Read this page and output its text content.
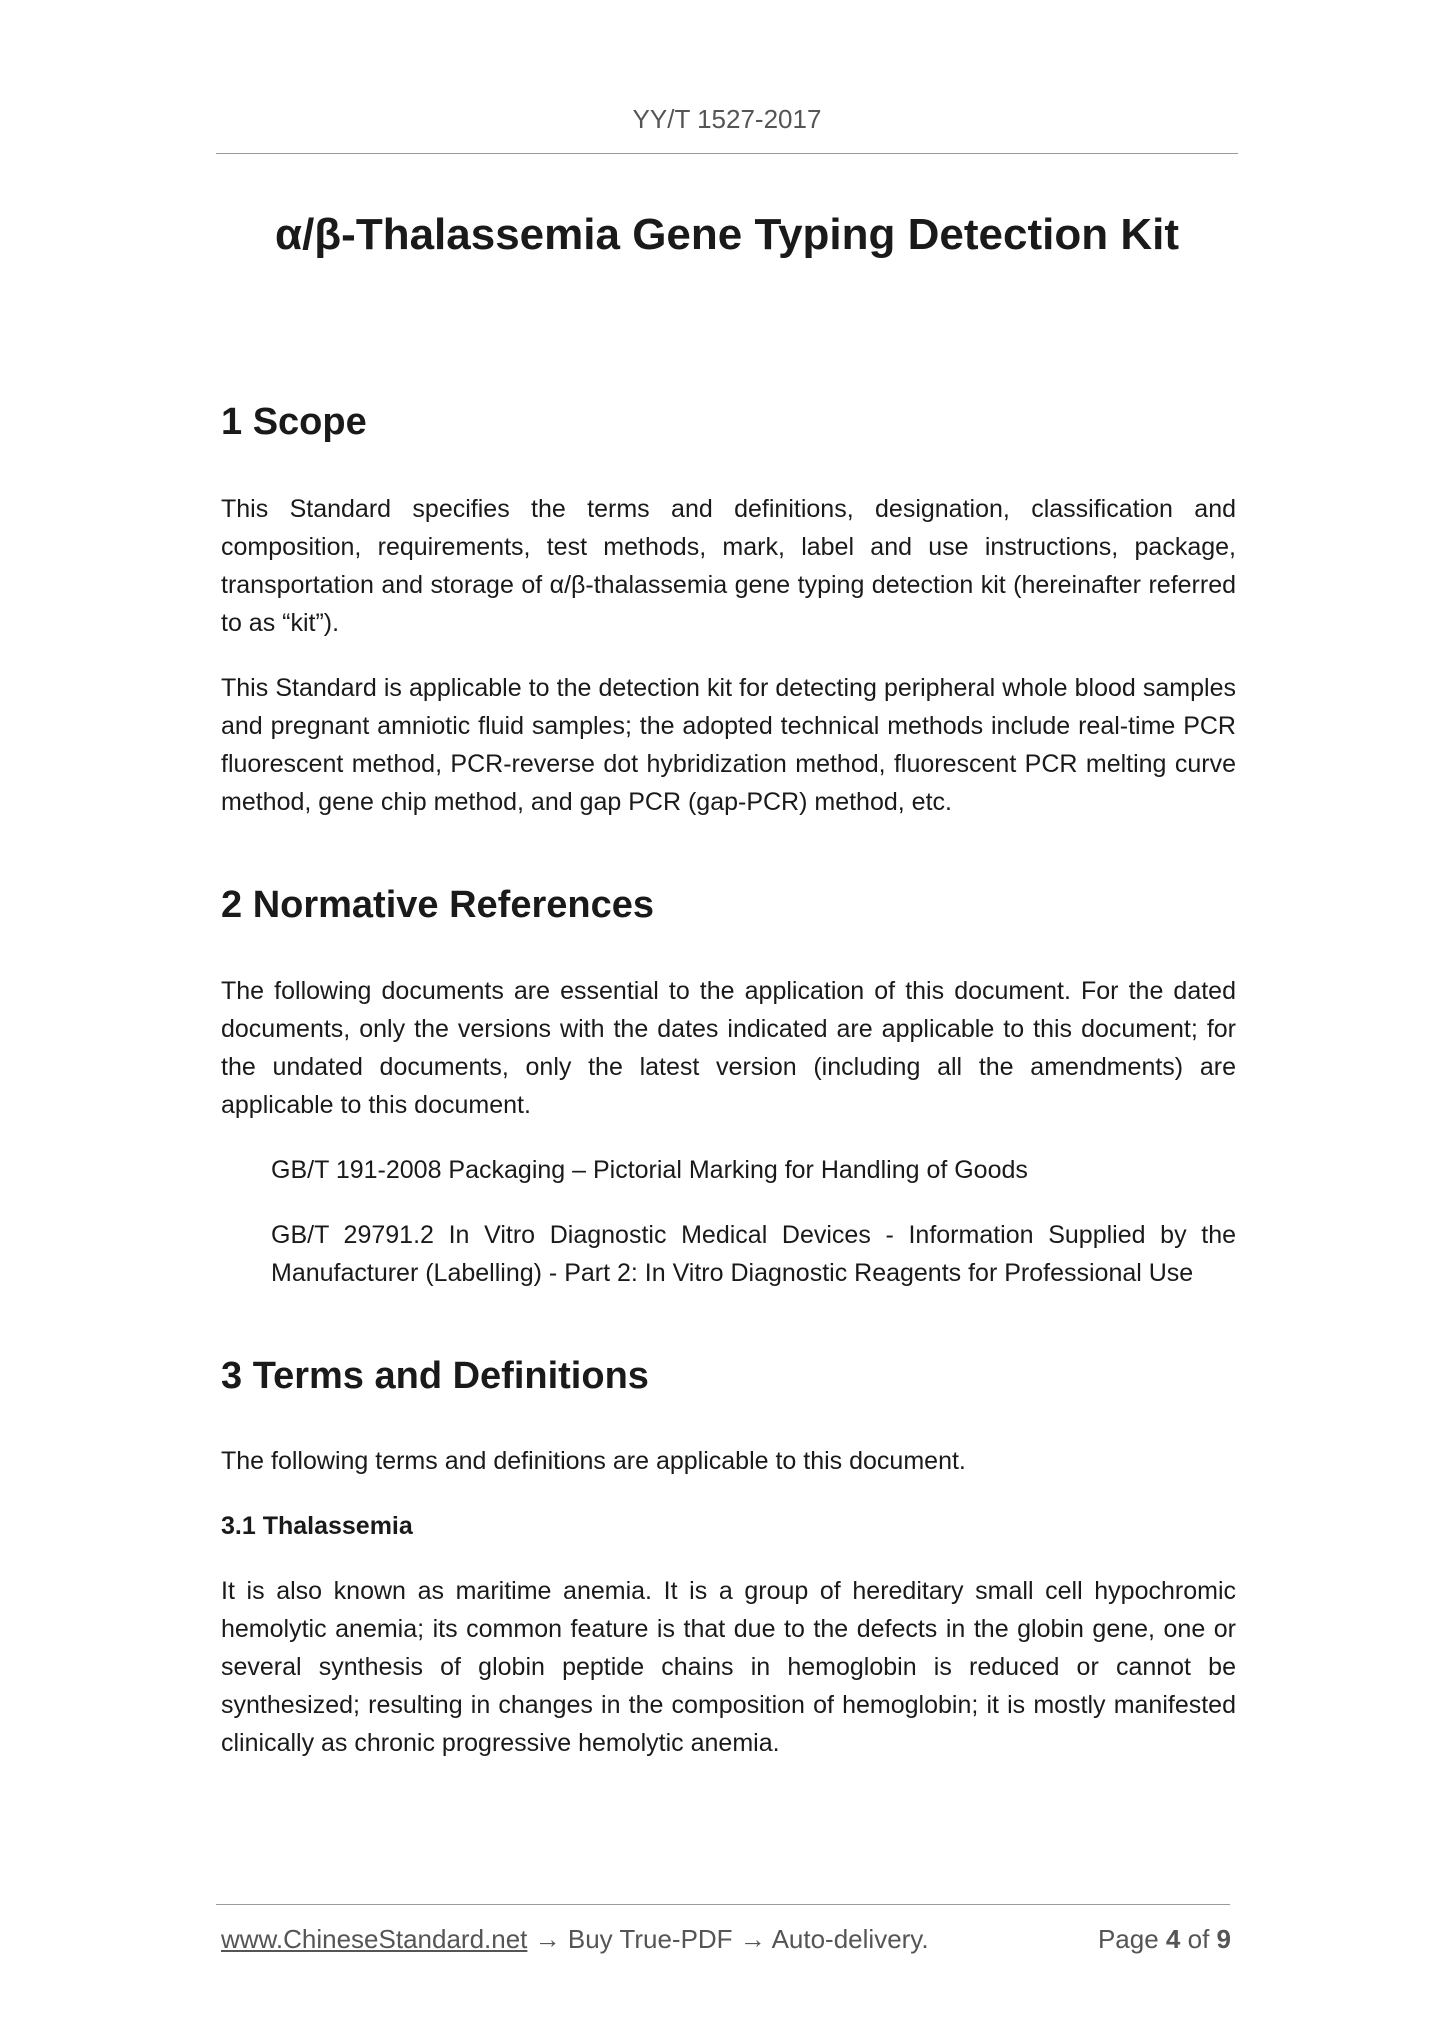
YY/T 1527-2017
α/β-Thalassemia Gene Typing Detection Kit
1 Scope

This Standard specifies the terms and definitions, designation, classification and composition, requirements, test methods, mark, label and use instructions, package, transportation and storage of α/β-thalassemia gene typing detection kit (hereinafter referred to as “kit”).

This Standard is applicable to the detection kit for detecting peripheral whole blood samples and pregnant amniotic fluid samples; the adopted technical methods include real-time PCR fluorescent method, PCR-reverse dot hybridization method, fluorescent PCR melting curve method, gene chip method, and gap PCR (gap-PCR) method, etc.

2 Normative References

The following documents are essential to the application of this document. For the dated documents, only the versions with the dates indicated are applicable to this document; for the undated documents, only the latest version (including all the amendments) are applicable to this document.

GB/T 191-2008 Packaging – Pictorial Marking for Handling of Goods

GB/T 29791.2 In Vitro Diagnostic Medical Devices - Information Supplied by the Manufacturer (Labelling) - Part 2: In Vitro Diagnostic Reagents for Professional Use

3 Terms and Definitions

The following terms and definitions are applicable to this document.

3.1 Thalassemia

It is also known as maritime anemia. It is a group of hereditary small cell hypochromic hemolytic anemia; its common feature is that due to the defects in the globin gene, one or several synthesis of globin peptide chains in hemoglobin is reduced or cannot be synthesized; resulting in changes in the composition of hemoglobin; it is mostly manifested clinically as chronic progressive hemolytic anemia.

www.ChineseStandard.net → Buy True-PDF → Auto-delivery.	Page 4 of 9
